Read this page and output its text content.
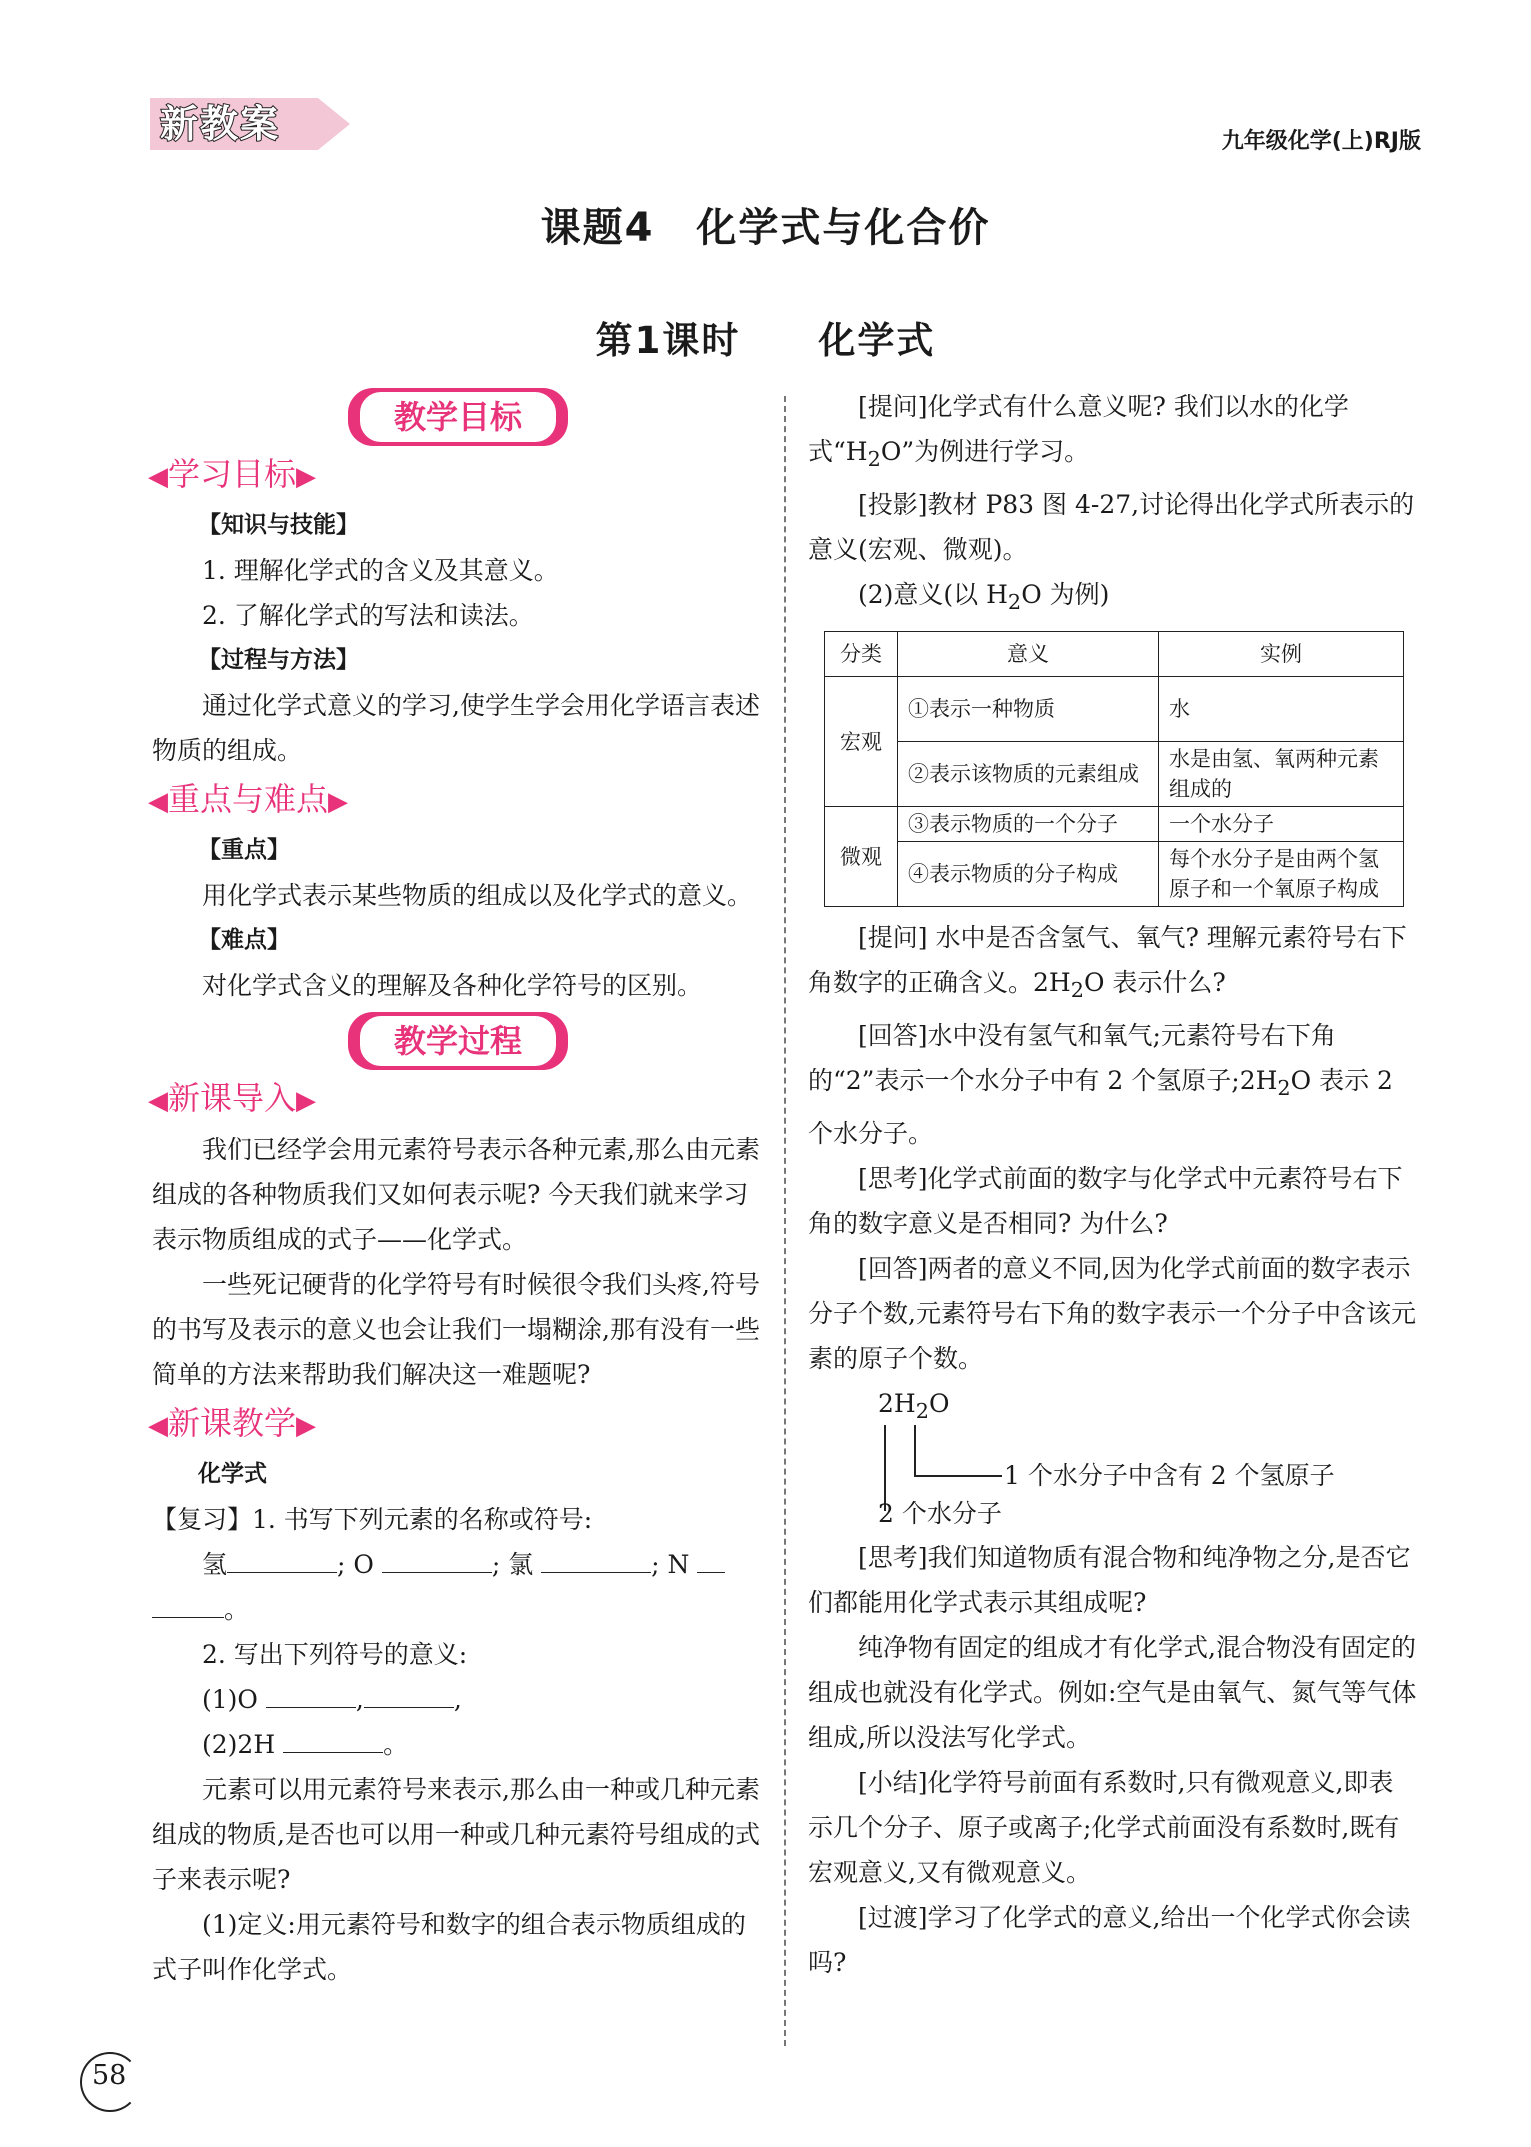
新教案	九年级化学(上)RJ版
课题4　化学式与化合价
第1课时　　化学式
教学目标
◀学习目标▶

【知识与技能】

1. 理解化学式的含义及其意义。

2. 了解化学式的写法和读法。

【过程与方法】

通过化学式意义的学习,使学生学会用化学语言表述物质的组成。

◀重点与难点▶

【重点】

用化学式表示某些物质的组成以及化学式的意义。

【难点】

对化学式含义的理解及各种化学符号的区别。

教学过程
◀新课导入▶

我们已经学会用元素符号表示各种元素,那么由元素组成的各种物质我们又如何表示呢? 今天我们就来学习表示物质组成的式子——化学式。

一些死记硬背的化学符号有时候很令我们头疼,符号的书写及表示的意义也会让我们一塌糊涂,那有没有一些简单的方法来帮助我们解决这一难题呢?

◀新课教学▶

化学式

【复习】1. 书写下列元素的名称或符号:

氢	; O	; 氯	; N

。

2. 写出下列符号的意义:

(1)O	,	,

(2)2H	。

元素可以用元素符号来表示,那么由一种或几种元素组成的物质,是否也可以用一种或几种元素符号组成的式子来表示呢?

(1)定义:用元素符号和数字的组合表示物质组成的式子叫作化学式。

[提问]化学式有什么意义呢? 我们以水的化学式“$H_2O$”为例进行学习。

[投影]教材 P83 图 4-27,讨论得出化学式所表示的意义(宏观、微观)。

(2)意义(以 $H_2O$ 为例)

分类	意义	实例
宏观	①表示一种物质	水
	②表示该物质的元素组成	水是由氢、氧两种元素组成的
微观	③表示物质的一个分子	一个水分子
	④表示物质的分子构成	每个水分子是由两个氢原子和一个氧原子构成

[提问] 水中是否含氢气、氧气? 理解元素符号右下角数字的正确含义。$2H_2O$ 表示什么?

[回答]水中没有氢气和氧气;元素符号右下角的“2”表示一个水分子中有 2 个氢原子$;2H_2O$ 表示 2 个水分子。

[思考]化学式前面的数字与化学式中元素符号右下角的数字意义是否相同? 为什么?

[回答]两者的意义不同,因为化学式前面的数字表示分子个数,元素符号右下角的数字表示一个分子中含该元素的原子个数。

$2H_2O$
1 个水分子中含有 2 个氢原子
2 个水分子

[思考]我们知道物质有混合物和纯净物之分,是否它们都能用化学式表示其组成呢?

纯净物有固定的组成才有化学式,混合物没有固定的组成也就没有化学式。例如:空气是由氧气、氮气等气体组成,所以没法写化学式。

[小结]化学符号前面有系数时,只有微观意义,即表示几个分子、原子或离子;化学式前面没有系数时,既有宏观意义,又有微观意义。

[过渡]学习了化学式的意义,给出一个化学式你会读吗?

58
